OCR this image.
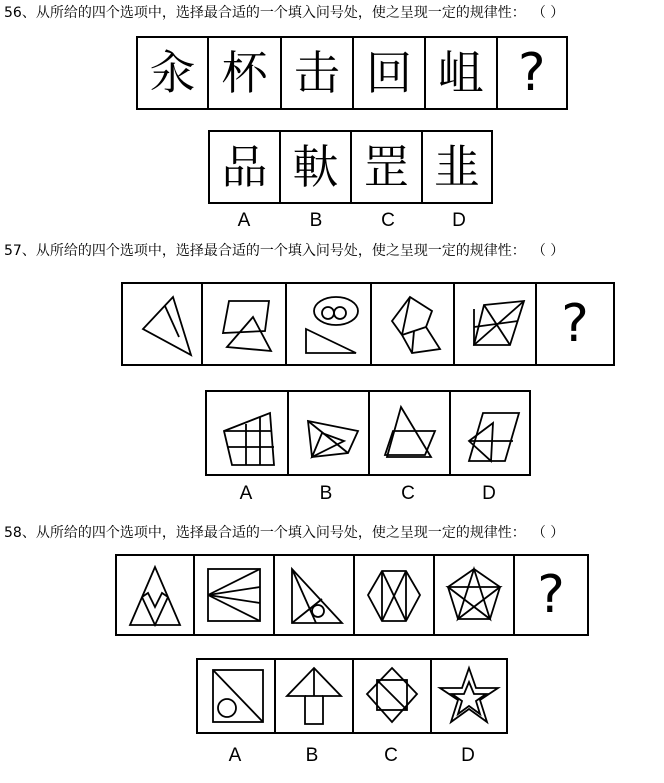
56、从所给的四个选项中，选择最合适的一个填入问号处，使之呈现一定的规律性： （ ）
汆 杯 击 回 岨 ?
品 軑 罡 韭
A	B	C	D
57、从所给的四个选项中，选择最合适的一个填入问号处，使之呈现一定的规律性： （ ）
?
A	B	C	D
58、从所给的四个选项中，选择最合适的一个填入问号处，使之呈现一定的规律性： （ ）
?
A	B	C	D
